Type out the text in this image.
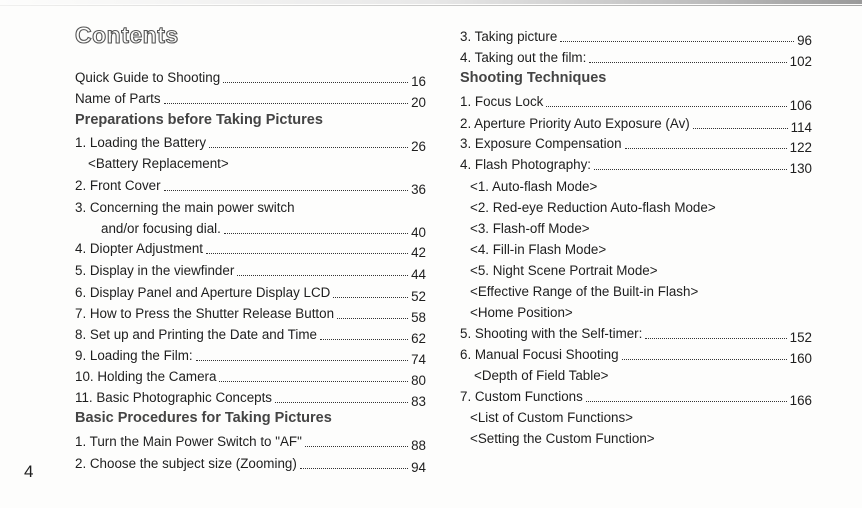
Contents
Quick Guide to Shooting	16
Name of Parts	20
Preparations before Taking Pictures
1. Loading the Battery	26
<Battery Replacement>
2. Front Cover	36
3. Concerning the main power switch
and/or focusing dial.	40
4. Diopter Adjustment	42
5. Display in the viewfinder	44
6. Display Panel and Aperture Display LCD	52
7. How to Press the Shutter Release Button	58
8. Set up and Printing the Date and Time	62
9. Loading the Film:	74
10. Holding the Camera	80
11. Basic Photographic Concepts	83
Basic Procedures for Taking Pictures
1. Turn the Main Power Switch to "AF"	88
2. Choose the subject size (Zooming)	94
3. Taking picture	96
4. Taking out the film:	102
Shooting Techniques
1. Focus Lock	106
2. Aperture Priority Auto Exposure (Av)	114
3. Exposure Compensation	122
4. Flash Photography:	130
<1. Auto-flash Mode>
<2. Red-eye Reduction Auto-flash Mode>
<3. Flash-off Mode>
<4. Fill-in Flash Mode>
<5. Night Scene Portrait Mode>
<Effective Range of the Built-in Flash>
<Home Position>
5. Shooting with the Self-timer:	152
6. Manual Focusi Shooting	160
<Depth of Field Table>
7. Custom Functions	166
<List of Custom Functions>
<Setting the Custom Function>
4
